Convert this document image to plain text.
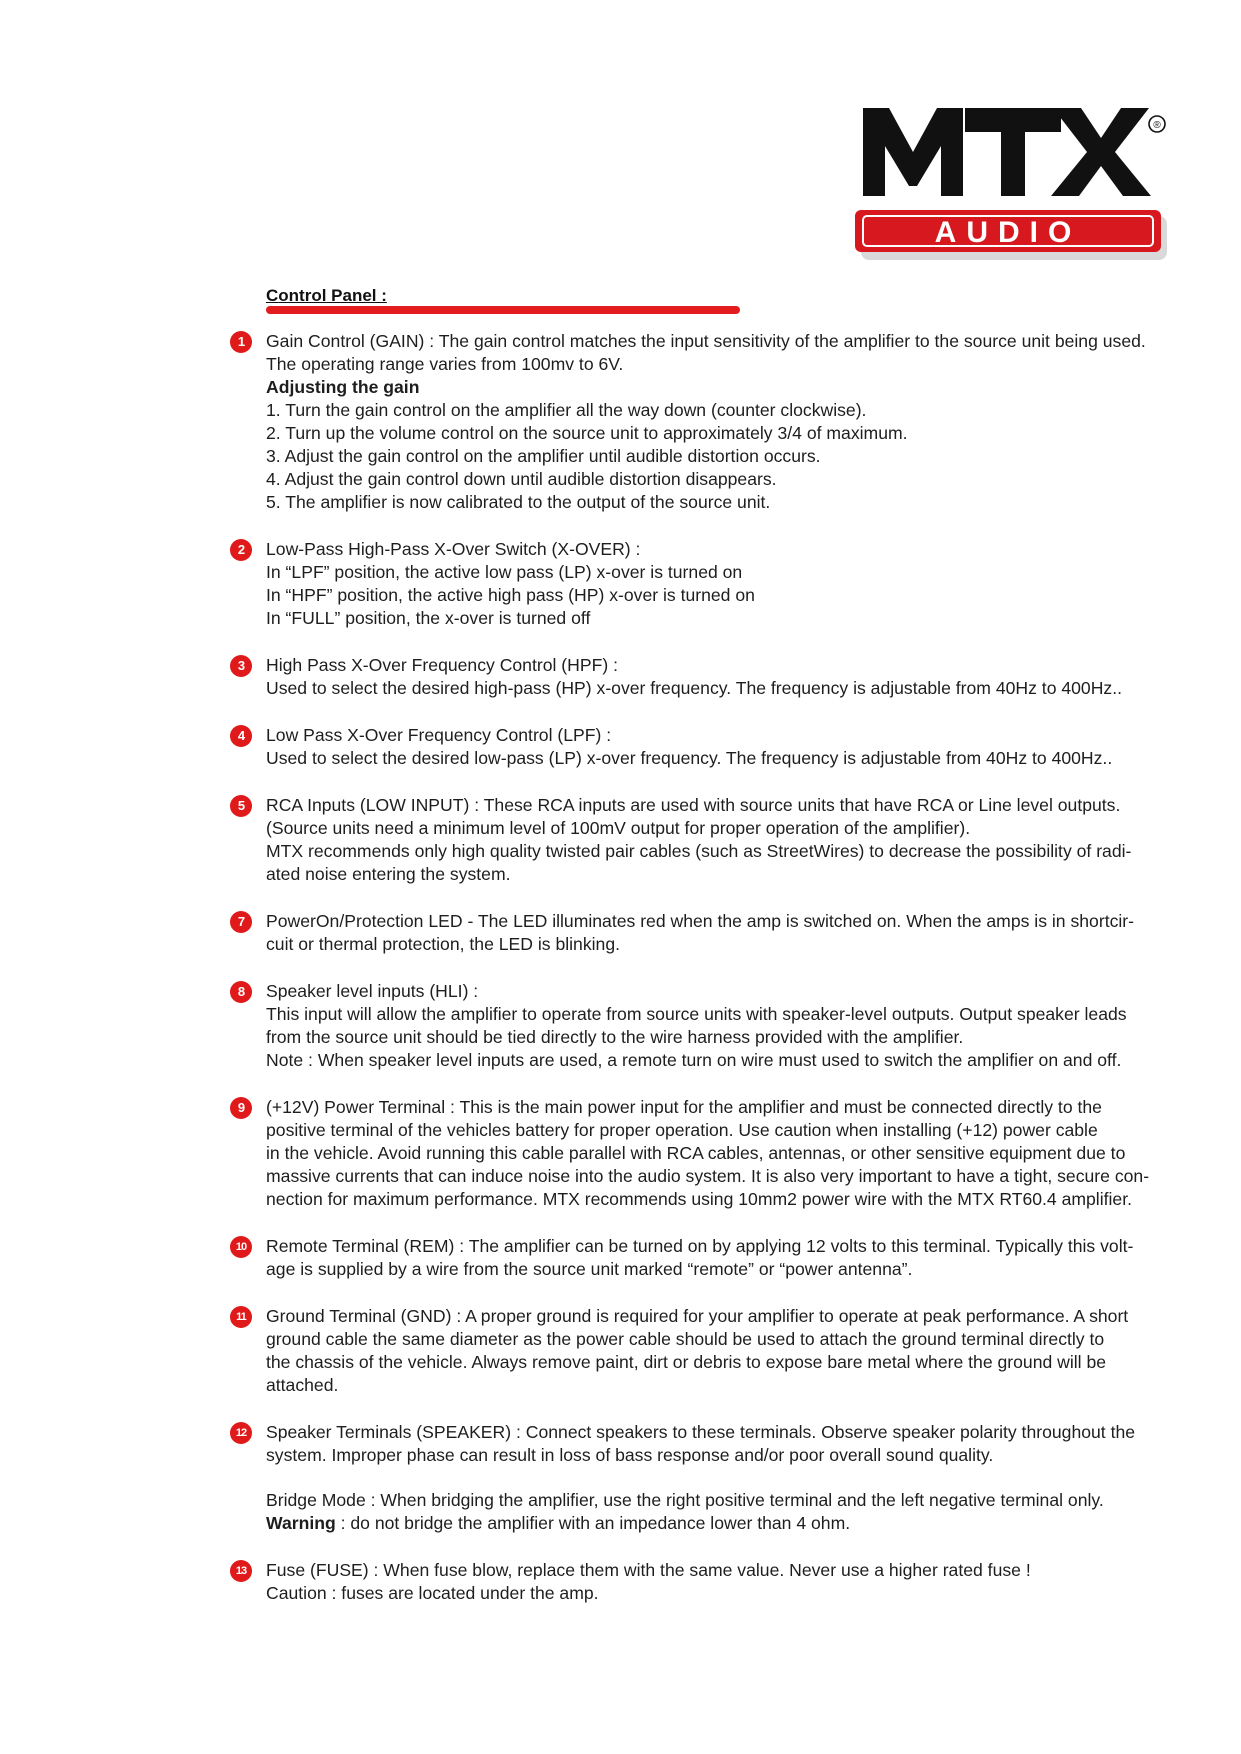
®
AUDIO
Control Panel :
1	Gain Control (GAIN) : The gain control matches the input sensitivity of the amplifier to the source unit being used.
The operating range varies from 100mv to 6V.
Adjusting the gain
1. Turn the gain control on the amplifier all the way down (counter clockwise).
2. Turn up the volume control on the source unit to approximately 3/4 of maximum.
3. Adjust the gain control on the amplifier until audible distortion occurs.
4. Adjust the gain control down until audible distortion disappears.
5. The amplifier is now calibrated to the output of the source unit.
2	Low-Pass High-Pass X-Over Switch (X-OVER) :
In “LPF” position, the active low pass (LP) x-over is turned on
In “HPF” position, the active high pass (HP) x-over is turned on
In “FULL” position, the x-over is turned off
3	High Pass X-Over Frequency Control (HPF) :
Used to select the desired high-pass (HP) x-over frequency. The frequency is adjustable from 40Hz to 400Hz..
4	Low Pass X-Over Frequency Control (LPF) :
Used to select the desired low-pass (LP) x-over frequency. The frequency is adjustable from 40Hz to 400Hz..
5	RCA Inputs (LOW INPUT) : These RCA inputs are used with source units that have RCA or Line level outputs.
(Source units need a minimum level of 100mV output for proper operation of the amplifier).
MTX recommends only high quality twisted pair cables (such as StreetWires) to decrease the possibility of radi-
ated noise entering the system.
7	PowerOn/Protection LED - The LED illuminates red when the amp is switched on. When the amps is in shortcir-
cuit or thermal protection, the LED is blinking.
8	Speaker level inputs (HLI) :
This input will allow the amplifier to operate from source units with speaker-level outputs. Output speaker leads
from the source unit should be tied directly to the wire harness provided with the amplifier.
Note : When speaker level inputs are used, a remote turn on wire must used to switch the amplifier on and off.
9	(+12V) Power Terminal : This is the main power input for the amplifier and must be connected directly to the
positive terminal of the vehicles battery for proper operation. Use caution when installing (+12) power cable
in the vehicle. Avoid running this cable parallel with RCA cables, antennas, or other sensitive equipment due to
massive currents that can induce noise into the audio system. It is also very important to have a tight, secure con-
nection for maximum performance. MTX recommends using 10mm2 power wire with the MTX RT60.4 amplifier.
10	Remote Terminal (REM) : The amplifier can be turned on by applying 12 volts to this terminal. Typically this volt-
age is supplied by a wire from the source unit marked “remote” or “power antenna”.
11	Ground Terminal (GND) : A proper ground is required for your amplifier to operate at peak performance. A short
ground cable the same diameter as the power cable should be used to attach the ground terminal directly to
the chassis of the vehicle. Always remove paint, dirt or debris to expose bare metal where the ground will be
attached.
12	Speaker Terminals (SPEAKER) : Connect speakers to these terminals. Observe speaker polarity throughout the
system. Improper phase can result in loss of bass response and/or poor overall sound quality.
Bridge Mode : When bridging the amplifier, use the right positive terminal and the left negative terminal only.
Warning : do not bridge the amplifier with an impedance lower than 4 ohm.
13	Fuse (FUSE) : When fuse blow, replace them with the same value. Never use a higher rated fuse !
Caution : fuses are located under the amp.
